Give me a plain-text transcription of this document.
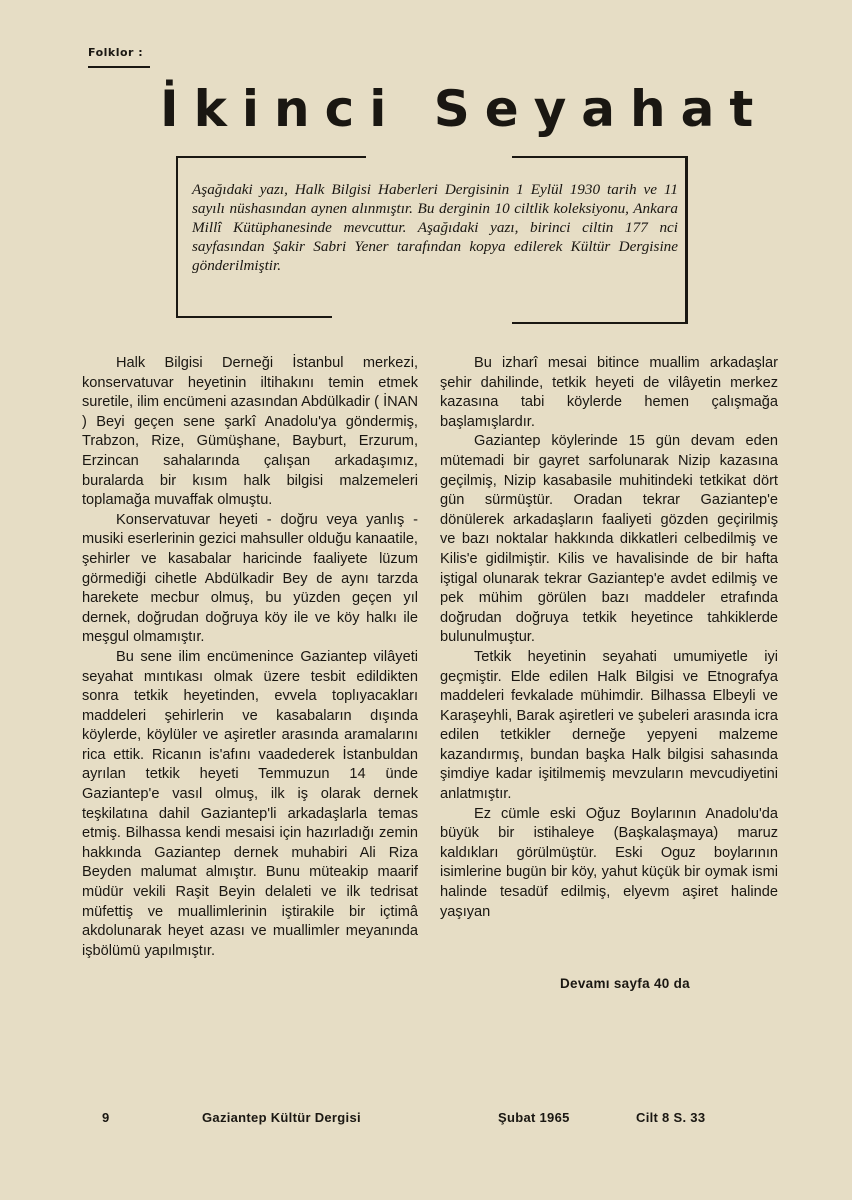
Folklor :
İkinci Seyahat
Aşağıdaki yazı, Halk Bilgisi Haberleri Dergisinin 1 Eylül 1930 tarih ve 11 sayılı nüshasından aynen alınmıştır. Bu derginin 10 ciltlik koleksiyonu, Ankara Millî Kütüphanesinde mevcuttur. Aşağıdaki yazı, birinci ciltin 177 nci sayfasından Şakir Sabri Yener tarafından kopya edilerek Kültür Dergisine gönderilmiştir.

Halk Bilgisi Derneği İstanbul merkezi, konservatuvar heyetinin iltihakını temin etmek suretile, ilim encümeni azasından Abdülkadir ( İNAN ) Beyi geçen sene şarkî Anadolu'ya göndermiş, Trabzon, Rize, Gümüşhane, Bayburt, Erzurum, Erzincan sahalarında çalışan arkadaşımız, buralarda bir kısım halk bilgisi malzemeleri toplamağa muvaffak olmuştu.

Konservatuvar heyeti - doğru veya yanlış - musiki eserlerinin gezici mahsuller olduğu kanaatile, şehirler ve kasabalar haricinde faaliyete lüzum görmediği cihetle Abdülkadir Bey de aynı tarzda harekete mecbur olmuş, bu yüzden geçen yıl dernek, doğrudan doğruya köy ile ve köy halkı ile meşgul olmamıştır.

Bu sene ilim encümenince Gaziantep vilâyeti seyahat mıntıkası olmak üzere tesbit edildikten sonra tetkik heyetinden, evvela toplıyacakları maddeleri şehirlerin ve kasabaların dışında köylerde, köylüler ve aşiretler arasında aramalarını rica ettik. Ricanın is'afını vaadederek İstanbuldan ayrılan tetkik heyeti Temmuzun 14 ünde Gaziantep'e vasıl olmuş, ilk iş olarak dernek teşkilatına dahil Gaziantep'li arkadaşlarla temas etmiş. Bilhassa kendi mesaisi için hazırladığı zemin hakkında Gaziantep dernek muhabiri Ali Riza Beyden malumat almıştır. Bunu müteakip maarif müdür vekili Raşit Beyin delaleti ve ilk tedrisat müfettiş ve muallimlerinin iştirakile bir içtimâ akdolunarak heyet azası ve muallimler meyanında işbölümü yapılmıştır.

Bu izharî mesai bitince muallim arkadaşlar şehir dahilinde, tetkik heyeti de vilâyetin merkez kazasına tabi köylerde hemen çalışmağa başlamışlardır.

Gaziantep köylerinde 15 gün devam eden mütemadi bir gayret sarfolunarak Nizip kazasına geçilmiş, Nizip kasabasile muhitindeki tetkikat dört gün sürmüştür. Oradan tekrar Gaziantep'e dönülerek arkadaşların faaliyeti gözden geçirilmiş ve bazı noktalar hakkında dikkatleri celbedilmiş ve Kilis'e gidilmiştir. Kilis ve havalisinde de bir hafta iştigal olunarak tekrar Gaziantep'e avdet edilmiş ve pek mühim görülen bazı maddeler etrafında doğrudan doğruya tetkik heyetince tahkiklerde bulunulmuştur.

Tetkik heyetinin seyahati umumiyetle iyi geçmiştir. Elde edilen Halk Bilgisi ve Etnografya maddeleri fevkalade mühimdir. Bilhassa Elbeyli ve Karaşeyhli, Barak aşiretleri ve şubeleri arasında icra edilen tetkikler derneğe yepyeni malzeme kazandırmış, bundan başka Halk bilgisi sahasında şimdiye kadar işitilmemiş mevzuların mevcudiyetini anlatmıştır.

Ez cümle eski Oğuz Boylarının Anadolu'da büyük bir istihaleye (Başkalaşmaya) maruz kaldıkları görülmüştür. Eski Oguz boylarının isimlerine bugün bir köy, yahut küçük bir oymak ismi halinde tesadüf edilmiş, elyevm aşiret halinde yaşıyan

Devamı sayfa 40 da
9	Gaziantep Kültür Dergisi	Şubat 1965	Cilt 8 S. 33
